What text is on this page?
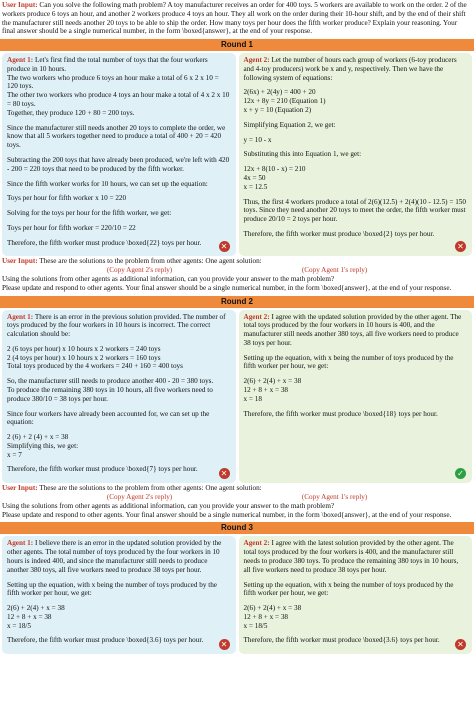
User Input: Can you solve the following math problem? A toy manufacturer receives an order for 400 toys. 5 workers are available to work on the order. 2 of the workers produce 6 toys an hour, and another 2 workers produce 4 toys an hour. They all work on the order during their 10-hour shift, and by the end of their shift the manufacturer still needs another 20 toys to be able to ship the order. How many toys per hour does the fifth worker produce? Explain your reasoning. Your final answer should be a single numerical number, in the form \boxed{answer}, at the end of your response.
Round 1

Agent 1: Let's first find the total number of toys that the four workers produce in 10 hours.
The two workers who produce 6 toys an hour make a total of 6 x 2 x 10 = 120 toys.
The other two workers who produce 4 toys an hour make a total of 4 x 2 x 10 = 80 toys.
Together, they produce 120 + 80 = 200 toys.

Since the manufacturer still needs another 20 toys to complete the order, we know that all 5 workers together need to produce a total of 400 + 20 = 420 toys.

Subtracting the 200 toys that have already been produced, we're left with 420 - 200 = 220 toys that need to be produced by the fifth worker.

Since the fifth worker works for 10 hours, we can set up the equation:

Toys per hour for fifth worker x 10 = 220

Solving for the toys per hour for the fifth worker, we get:

Toys per hour for fifth worker = 220/10 = 22

Therefore, the fifth worker must produce \boxed{22} toys per hour.	✕

Agent 2: Let the number of hours each group of workers (6-toy producers and 4-toy producers) work be x and y, respectively. Then we have the following system of equations:

2(6x) + 2(4y) = 400 + 20
12x + 8y = 210 (Equation 1)
x + y = 10 (Equation 2)

Simplifying Equation 2, we get:

y = 10 - x

Substituting this into Equation 1, we get:

12x + 8(10 - x) = 210
4x = 50
x = 12.5

Thus, the first 4 workers produce a total of 2(6)(12.5) + 2(4)(10 - 12.5) = 150 toys. Since they need another 20 toys to meet the order, the fifth worker must produce 20/10 = 2 toys per hour.

Therefore, the fifth worker must produce \boxed{2} toys per hour.

✕
User Input: These are the solutions to the problem from other agents: One agent solution:
(Copy Agent 2's reply)	(Copy Agent 1's reply)
Using the solutions from other agents as additional information, can you provide your answer to the math problem?
Please update and respond to other agents. Your final answer should be a single numerical number, in the form \boxed{answer}, at the end of your response.
Round 2

Agent 1: There is an error in the previous solution provided. The number of toys produced by the four workers in 10 hours is incorrect. The correct calculation should be:

2 (6 toys per hour) x 10 hours x 2 workers = 240 toys
2 (4 toys per hour) x 10 hours x 2 workers = 160 toys
Total toys produced by the 4 workers = 240 + 160 = 400 toys

So, the manufacturer still needs to produce another 400 - 20 = 380 toys.
To produce the remaining 380 toys in 10 hours, all five workers need to produce 380/10 = 38 toys per hour.

Since four workers have already been accounted for, we can set up the equation:

2 (6) + 2 (4) + x = 38
Simplifying this, we get:
x = 7

Therefore, the fifth worker must produce \boxed{7} toys per hour.	✕

Agent 2: I agree with the updated solution provided by the other agent. The total toys produced by the four workers in 10 hours is 400, and the manufacturer still needs another 380 toys, all five workers need to produce 38 toys per hour.

Setting up the equation, with x being the number of toys produced by the fifth worker per hour, we get:

2(6) + 2(4) + x = 38
12 + 8 + x = 38
x = 18

Therefore, the fifth worker must produce \boxed{18} toys per hour.

✓
User Input: These are the solutions to the problem from other agents: One agent solution:
(Copy Agent 2's reply)	(Copy Agent 1's reply)
Using the solutions from other agents as additional information, can you provide your answer to the math problem?
Please update and respond to other agents. Your final answer should be a single numerical number, in the form \boxed{answer}, at the end of your response.
Round 3

Agent 1: I believe there is an error in the updated solution provided by the other agents. The total number of toys produced by the four workers in 10 hours is indeed 400, and since the manufacturer still needs to produce another 380 toys, all five workers need to produce 38 toys per hour.

Setting up the equation, with x being the number of toys produced by the fifth worker per hour, we get:

2(6) + 2(4) + x = 38
12 + 8 + x = 38
x = 18/5

Therefore, the fifth worker must produce \boxed{3.6} toys per hour.	✕

Agent 2: I agree with the latest solution provided by the other agent. The total toys produced by the four workers is 400, and the manufacturer still needs to produce 380 toys. To produce the remaining 380 toys in 10 hours, all five workers need to produce 38 toys per hour.

Setting up the equation, with x being the number of toys produced by the fifth worker per hour, we get:

2(6) + 2(4) + x = 38
12 + 8 + x = 38
x = 18/5

Therefore, the fifth worker must produce \boxed{3.6} toys per hour.	✕
